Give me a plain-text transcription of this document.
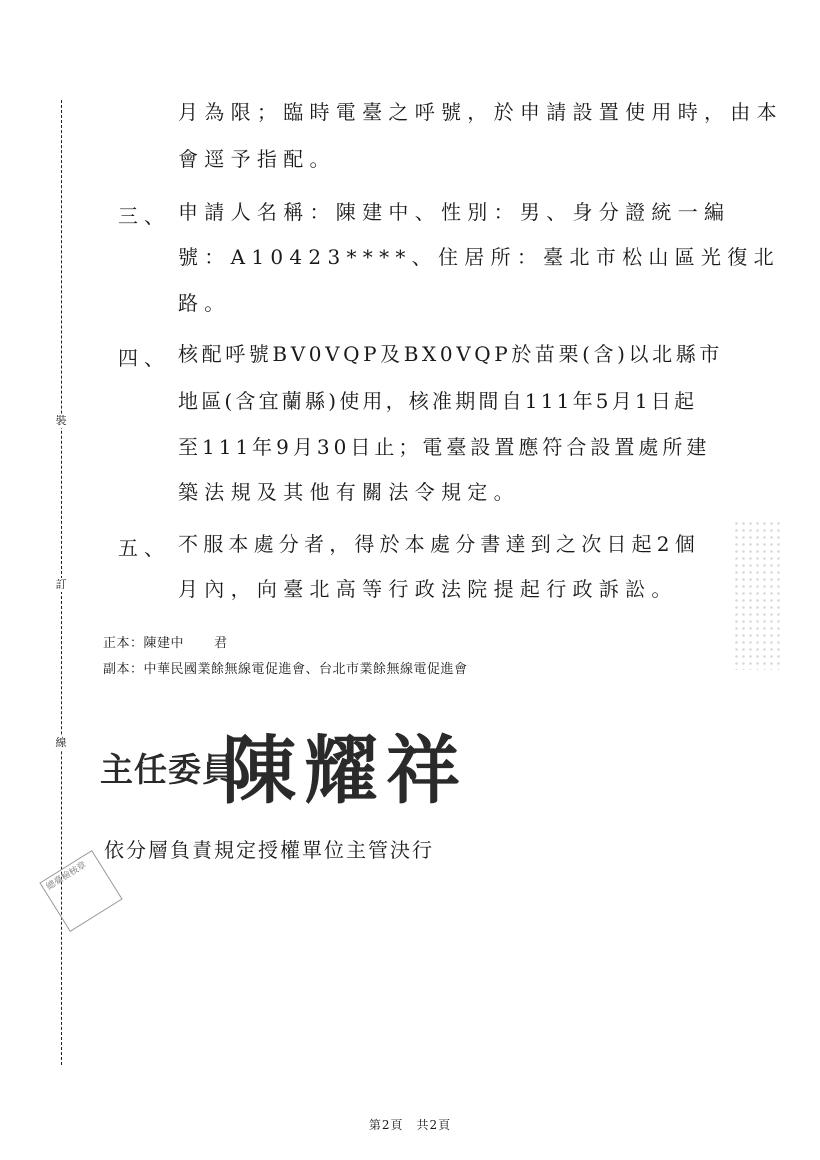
裝
訂
線
月為限；臨時電臺之呼號，於申請設置使用時，由本
會逕予指配。
三、 申請人名稱：陳建中、性別：男、身分證統一編
號：A10423****、住居所：臺北市松山區光復北
路。
四、 核配呼號BV0VQP及BX0VQP於苗栗(含)以北縣市
地區(含宜蘭縣)使用，核准期間自111年5月1日起
至111年9月30日止；電臺設置應符合設置處所建
築法規及其他有關法令規定。
五、 不服本處分者，得於本處分書達到之次日起2個
月內，向臺北高等行政法院提起行政訴訟。
正本：陳建中 君
副本：中華民國業餘無線電促進會、台北市業餘無線電促進會
主任委員
陳耀祥
依分層負責規定授權單位主管決行
總臺檢核章
第2頁　共2頁
